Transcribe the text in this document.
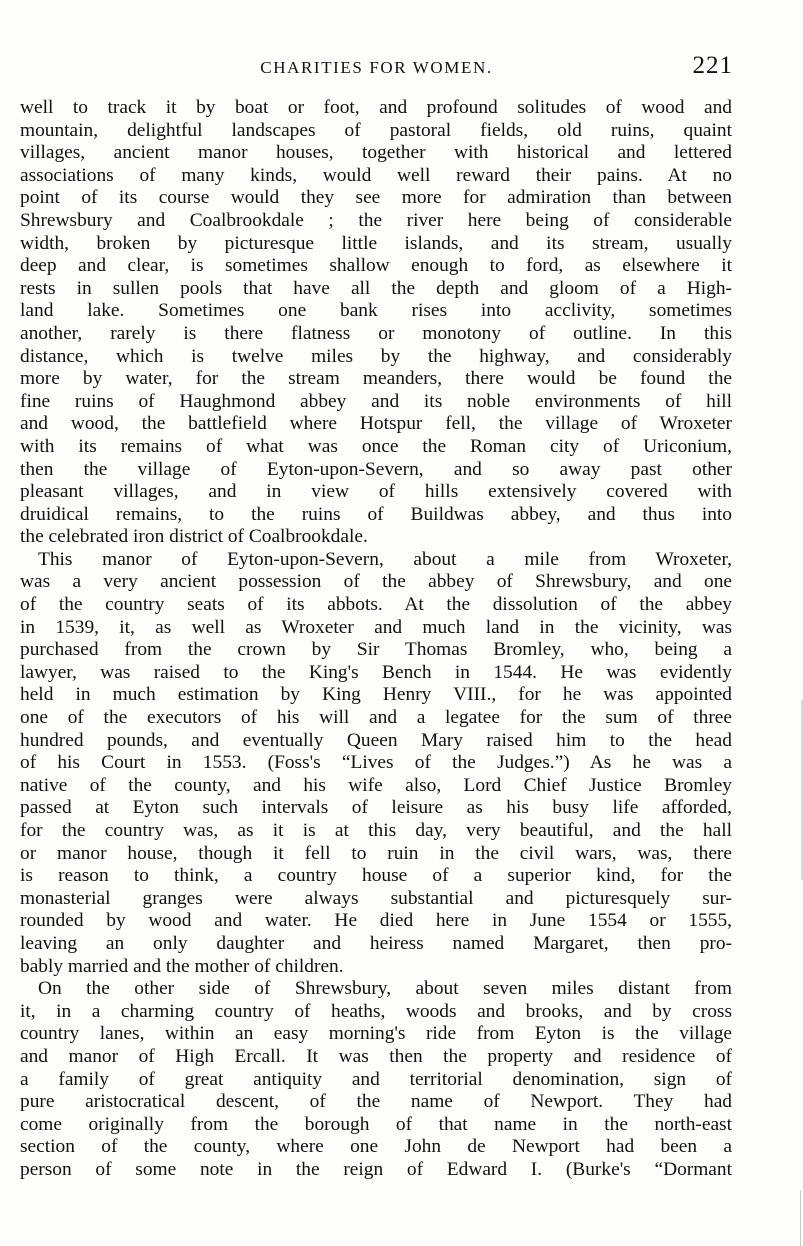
CHARITIES FOR WOMEN.	221
well to track it by boat or foot, and profound solitudes of wood and
mountain, delightful landscapes of pastoral fields, old ruins, quaint
villages, ancient manor houses, together with historical and lettered
associations of many kinds, would well reward their pains. At no
point of its course would they see more for admiration than between
Shrewsbury and Coalbrookdale ; the river here being of considerable
width, broken by picturesque little islands, and its stream, usually
deep and clear, is sometimes shallow enough to ford, as elsewhere it
rests in sullen pools that have all the depth and gloom of a High-
land lake. Sometimes one bank rises into acclivity, sometimes
another, rarely is there flatness or monotony of outline. In this
distance, which is twelve miles by the highway, and considerably
more by water, for the stream meanders, there would be found the
fine ruins of Haughmond abbey and its noble environments of hill
and wood, the battlefield where Hotspur fell, the village of Wroxeter
with its remains of what was once the Roman city of Uriconium,
then the village of Eyton-upon-Severn, and so away past other
pleasant villages, and in view of hills extensively covered with
druidical remains, to the ruins of Buildwas abbey, and thus into
the celebrated iron district of Coalbrookdale.
This manor of Eyton-upon-Severn, about a mile from Wroxeter,
was a very ancient possession of the abbey of Shrewsbury, and one
of the country seats of its abbots. At the dissolution of the abbey
in 1539, it, as well as Wroxeter and much land in the vicinity, was
purchased from the crown by Sir Thomas Bromley, who, being a
lawyer, was raised to the King's Bench in 1544. He was evidently
held in much estimation by King Henry VIII., for he was appointed
one of the executors of his will and a legatee for the sum of three
hundred pounds, and eventually Queen Mary raised him to the head
of his Court in 1553. (Foss's “Lives of the Judges.”) As he was a
native of the county, and his wife also, Lord Chief Justice Bromley
passed at Eyton such intervals of leisure as his busy life afforded,
for the country was, as it is at this day, very beautiful, and the hall
or manor house, though it fell to ruin in the civil wars, was, there
is reason to think, a country house of a superior kind, for the
monasterial granges were always substantial and picturesquely sur-
rounded by wood and water. He died here in June 1554 or 1555,
leaving an only daughter and heiress named Margaret, then pro-
bably married and the mother of children.
On the other side of Shrewsbury, about seven miles distant from
it, in a charming country of heaths, woods and brooks, and by cross
country lanes, within an easy morning's ride from Eyton is the village
and manor of High Ercall. It was then the property and residence of
a family of great antiquity and territorial denomination, sign of
pure aristocratical descent, of the name of Newport. They had
come originally from the borough of that name in the north-east
section of the county, where one John de Newport had been a
person of some note in the reign of Edward I. (Burke's “Dormant
